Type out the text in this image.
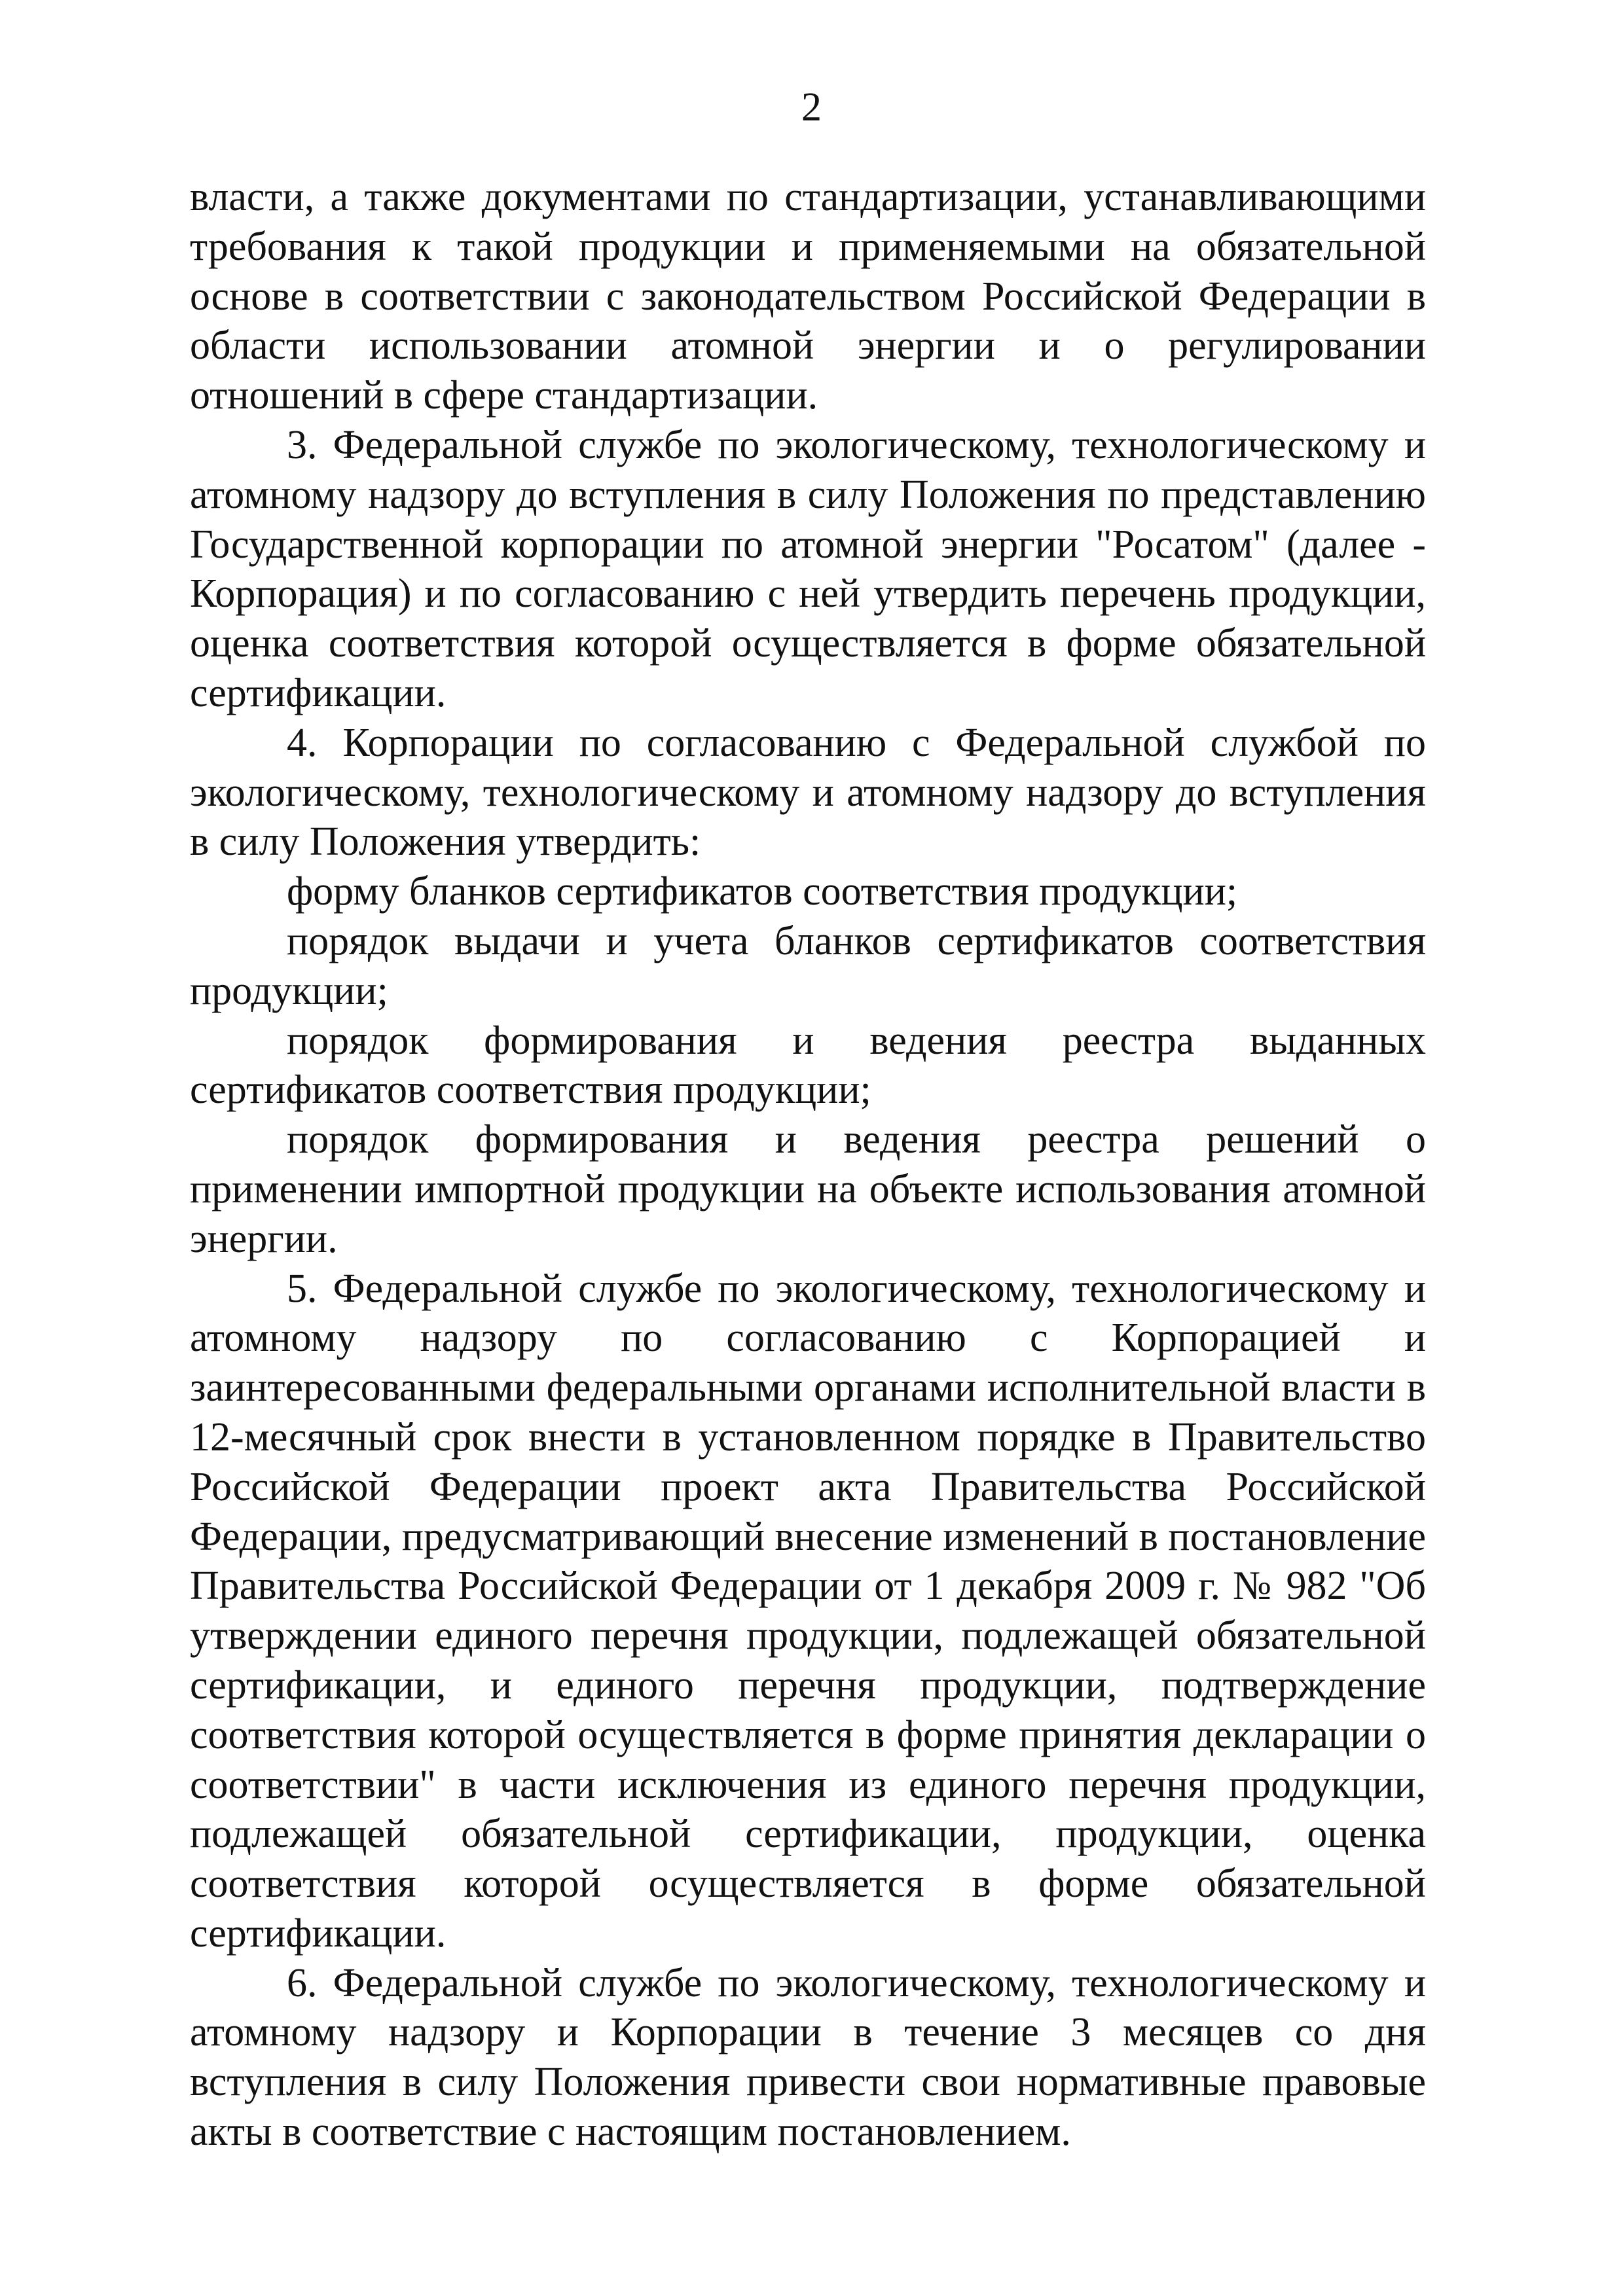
2

власти, а также документами по стандартизации, устанавливающими требования к такой продукции и применяемыми на обязательной основе в соответствии с законодательством Российской Федерации в области использовании атомной энергии и о регулировании отношений в сфере стандартизации.

3. Федеральной службе по экологическому, технологическому и атомному надзору до вступления в силу Положения по представлению Государственной корпорации по атомной энергии "Росатом" (далее - Корпорация) и по согласованию с ней утвердить перечень продукции, оценка соответствия которой осуществляется в форме обязательной сертификации.

4. Корпорации по согласованию с Федеральной службой по экологическому, технологическому и атомному надзору до вступления в силу Положения утвердить:

форму бланков сертификатов соответствия продукции;

порядок выдачи и учета бланков сертификатов соответствия продукции;

порядок формирования и ведения реестра выданных сертификатов соответствия продукции;

порядок формирования и ведения реестра решений о применении импортной продукции на объекте использования атомной энергии.

5. Федеральной службе по экологическому, технологическому и атомному надзору по согласованию с Корпорацией и заинтересованными федеральными органами исполнительной власти в 12-месячный срок внести в установленном порядке в Правительство Российской Федерации проект акта Правительства Российской Федерации, предусматривающий внесение изменений в постановление Правительства Российской Федерации от 1 декабря 2009 г. № 982 "Об утверждении единого перечня продукции, подлежащей обязательной сертификации, и единого перечня продукции, подтверждение соответствия которой осуществляется в форме принятия декларации о соответствии" в части исключения из единого перечня продукции, подлежащей обязательной сертификации, продукции, оценка соответствия которой осуществляется в форме обязательной сертификации.

6. Федеральной службе по экологическому, технологическому и атомному надзору и Корпорации в течение 3 месяцев со дня вступления в силу Положения привести свои нормативные правовые акты в соответствие с настоящим постановлением.
